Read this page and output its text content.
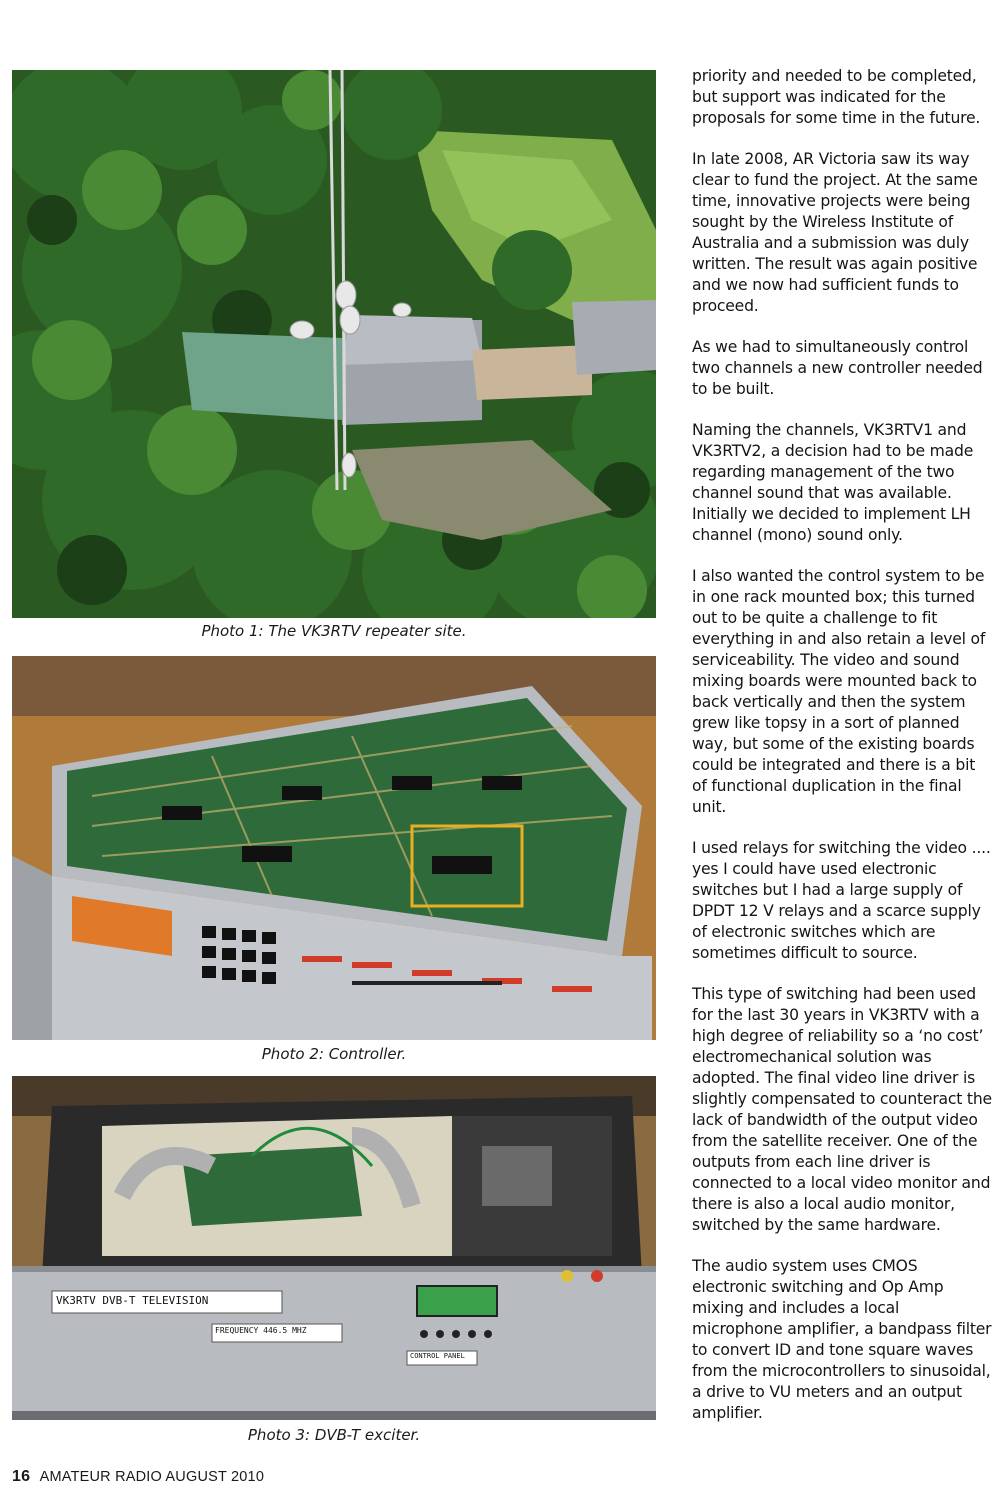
Photo 1: The VK3RTV repeater site.
Photo 2: Controller.
VK3RTV DVB-T TELEVISION
FREQUENCY 446.5 MHZ
CONTROL PANEL
Photo 3: DVB-T exciter.

priority and needed to be completed, but support was indicated for the proposals for some time in the future.

In late 2008, AR Victoria saw its way clear to fund the project. At the same time, innovative projects were being sought by the Wireless Institute of Australia and a submission was duly written. The result was again positive and we now had sufficient funds to proceed.

As we had to simultaneously control two channels a new controller needed to be built.

Naming the channels, VK3RTV1 and VK3RTV2, a decision had to be made regarding management of the two channel sound that was available. Initially we decided to implement LH channel (mono) sound only.

I also wanted the control system to be in one rack mounted box; this turned out to be quite a challenge to fit everything in and also retain a level of serviceability. The video and sound mixing boards were mounted back to back vertically and then the system grew like topsy in a sort of planned way, but some of the existing boards could be integrated and there is a bit of functional duplication in the final unit.

I used relays for switching the video .... yes I could have used electronic switches but I had a large supply of DPDT 12 V relays and a scarce supply of electronic switches which are sometimes difficult to source.

This type of switching had been used for the last 30 years in VK3RTV with a high degree of reliability so a ‘no cost’ electromechanical solution was adopted. The final video line driver is slightly compensated to counteract the lack of bandwidth of the output video from the satellite receiver. One of the outputs from each line driver is connected to a local video monitor and there is also a local audio monitor, switched by the same hardware.

The audio system uses CMOS electronic switching and Op Amp mixing and includes a local microphone amplifier, a bandpass filter to convert ID and tone square waves from the microcontrollers to sinusoidal, a drive to VU meters and an output amplifier.

16 AMATEUR RADIO AUGUST 2010
